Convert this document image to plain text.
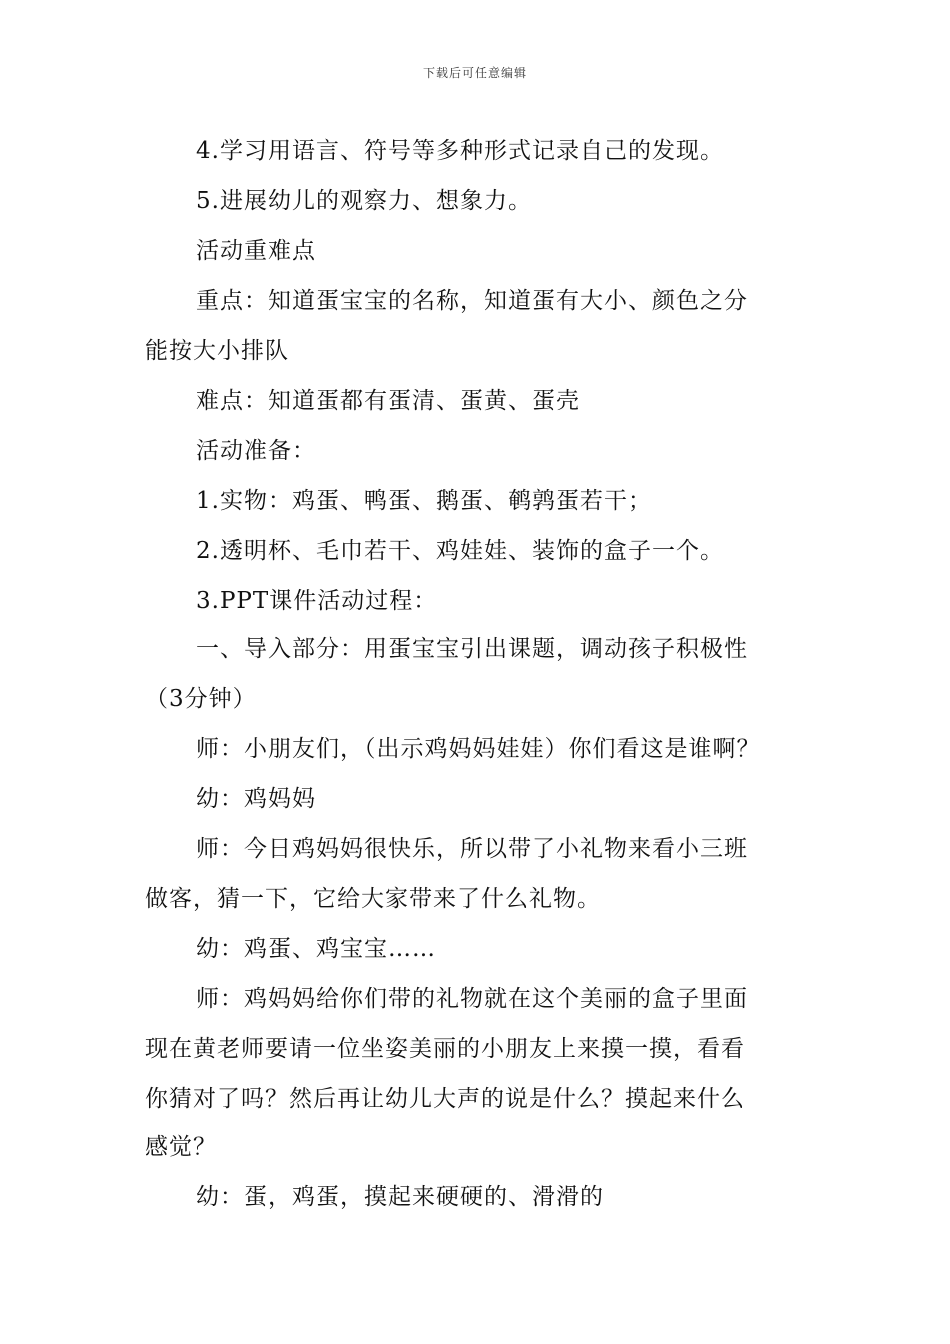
下载后可任意编辑
4.学习用语言、符号等多种形式记录自己的发现。
5.进展幼儿的观察力、想象力。
活动重难点
重点：知道蛋宝宝的名称，知道蛋有大小、颜色之分
能按大小排队
难点：知道蛋都有蛋清、蛋黄、蛋壳
活动准备：
1.实物：鸡蛋、鸭蛋、鹅蛋、鹌鹑蛋若干；
2.透明杯、毛巾若干、鸡娃娃、装饰的盒子一个。
3.PPT课件活动过程：
一、导入部分：用蛋宝宝引出课题，调动孩子积极性
（3分钟）
师：小朋友们，（出示鸡妈妈娃娃）你们看这是谁啊？
幼：鸡妈妈
师：今日鸡妈妈很快乐，所以带了小礼物来看小三班
做客，猜一下，它给大家带来了什么礼物。
幼：鸡蛋、鸡宝宝……
师：鸡妈妈给你们带的礼物就在这个美丽的盒子里面
现在黄老师要请一位坐姿美丽的小朋友上来摸一摸，看看
你猜对了吗？然后再让幼儿大声的说是什么？摸起来什么
感觉？
幼：蛋，鸡蛋，摸起来硬硬的、滑滑的
